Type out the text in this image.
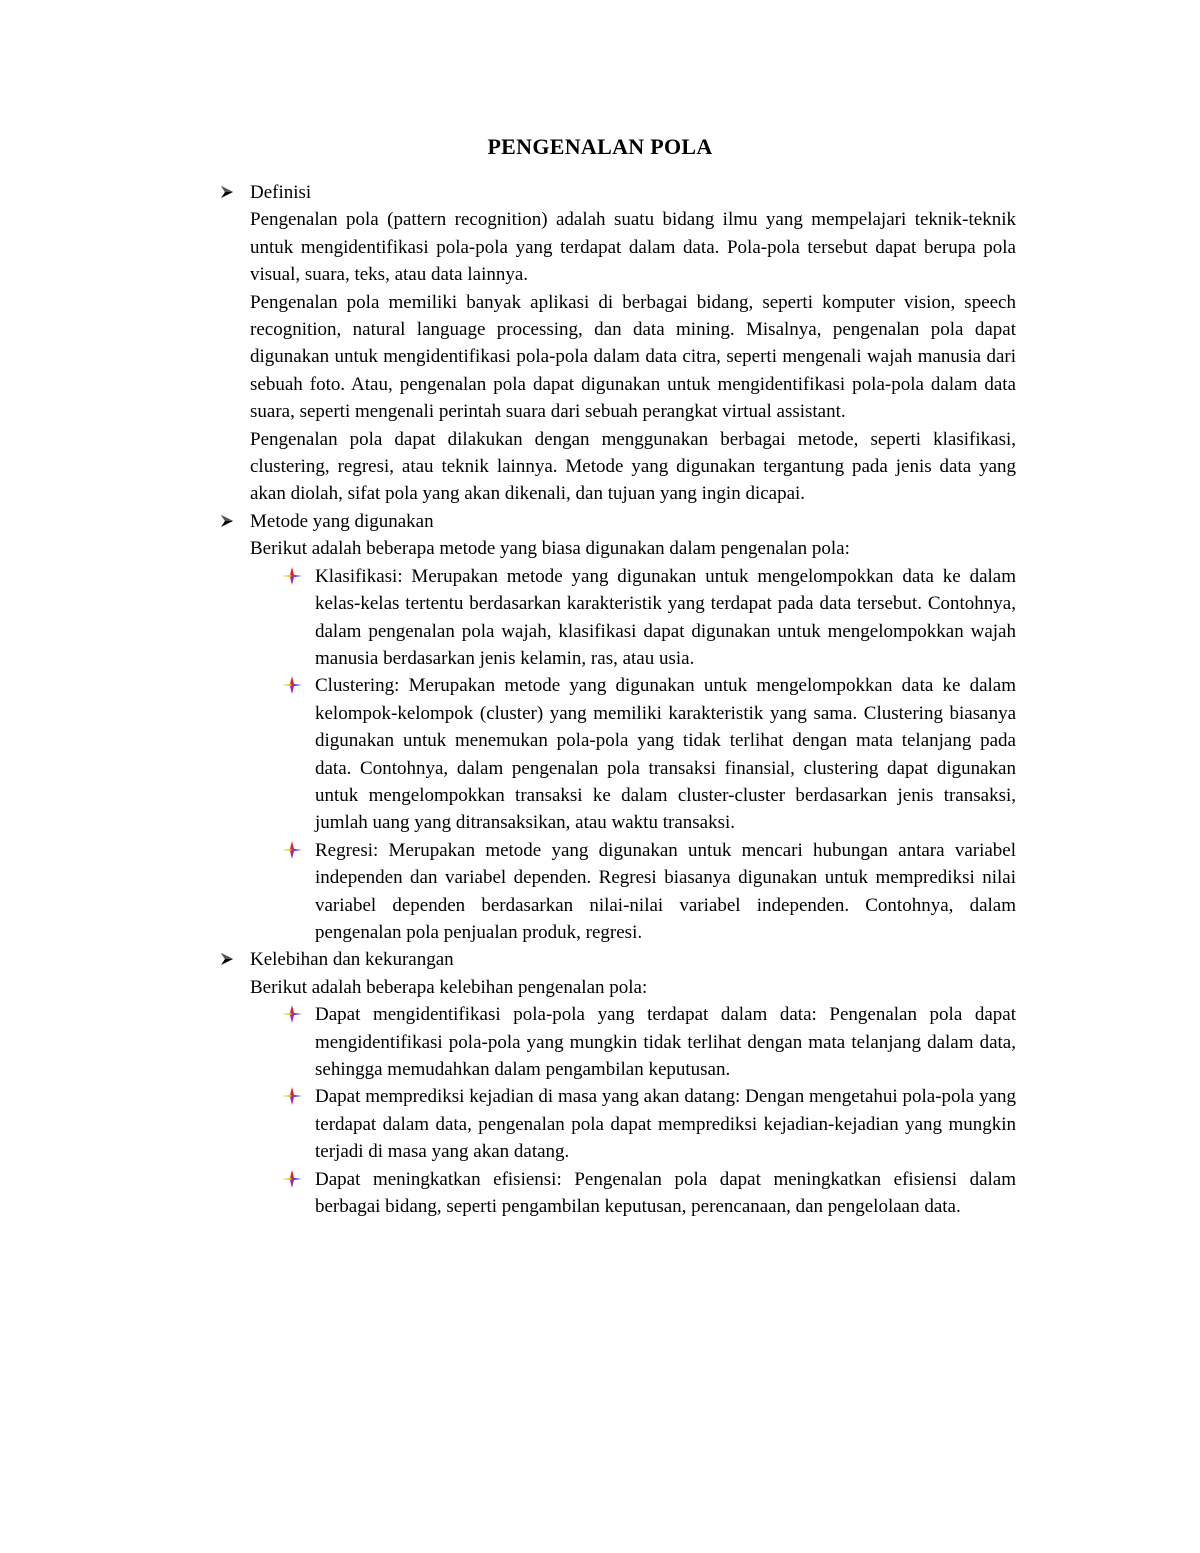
PENGENALAN POLA
Definisi

Pengenalan pola (pattern recognition) adalah suatu bidang ilmu yang mempelajari teknik-teknik untuk mengidentifikasi pola-pola yang terdapat dalam data. Pola-pola tersebut dapat berupa pola visual, suara, teks, atau data lainnya.

Pengenalan pola memiliki banyak aplikasi di berbagai bidang, seperti komputer vision, speech recognition, natural language processing, dan data mining. Misalnya, pengenalan pola dapat digunakan untuk mengidentifikasi pola-pola dalam data citra, seperti mengenali wajah manusia dari sebuah foto. Atau, pengenalan pola dapat digunakan untuk mengidentifikasi pola-pola dalam data suara, seperti mengenali perintah suara dari sebuah perangkat virtual assistant.

Pengenalan pola dapat dilakukan dengan menggunakan berbagai metode, seperti klasifikasi, clustering, regresi, atau teknik lainnya. Metode yang digunakan tergantung pada jenis data yang akan diolah, sifat pola yang akan dikenali, dan tujuan yang ingin dicapai.

Metode yang digunakan

Berikut adalah beberapa metode yang biasa digunakan dalam pengenalan pola:

Klasifikasi: Merupakan metode yang digunakan untuk mengelompokkan data ke dalam kelas-kelas tertentu berdasarkan karakteristik yang terdapat pada data tersebut. Contohnya, dalam pengenalan pola wajah, klasifikasi dapat digunakan untuk mengelompokkan wajah manusia berdasarkan jenis kelamin, ras, atau usia.
Clustering: Merupakan metode yang digunakan untuk mengelompokkan data ke dalam kelompok-kelompok (cluster) yang memiliki karakteristik yang sama. Clustering biasanya digunakan untuk menemukan pola-pola yang tidak terlihat dengan mata telanjang pada data. Contohnya, dalam pengenalan pola transaksi finansial, clustering dapat digunakan untuk mengelompokkan transaksi ke dalam cluster-cluster berdasarkan jenis transaksi, jumlah uang yang ditransaksikan, atau waktu transaksi.
Regresi: Merupakan metode yang digunakan untuk mencari hubungan antara variabel independen dan variabel dependen. Regresi biasanya digunakan untuk memprediksi nilai variabel dependen berdasarkan nilai-nilai variabel independen. Contohnya, dalam pengenalan pola penjualan produk, regresi.
Kelebihan dan kekurangan

Berikut adalah beberapa kelebihan pengenalan pola:

Dapat mengidentifikasi pola-pola yang terdapat dalam data: Pengenalan pola dapat mengidentifikasi pola-pola yang mungkin tidak terlihat dengan mata telanjang dalam data, sehingga memudahkan dalam pengambilan keputusan.
Dapat memprediksi kejadian di masa yang akan datang: Dengan mengetahui pola-pola yang terdapat dalam data, pengenalan pola dapat memprediksi kejadian-kejadian yang mungkin terjadi di masa yang akan datang.
Dapat meningkatkan efisiensi: Pengenalan pola dapat meningkatkan efisiensi dalam berbagai bidang, seperti pengambilan keputusan, perencanaan, dan pengelolaan data.
